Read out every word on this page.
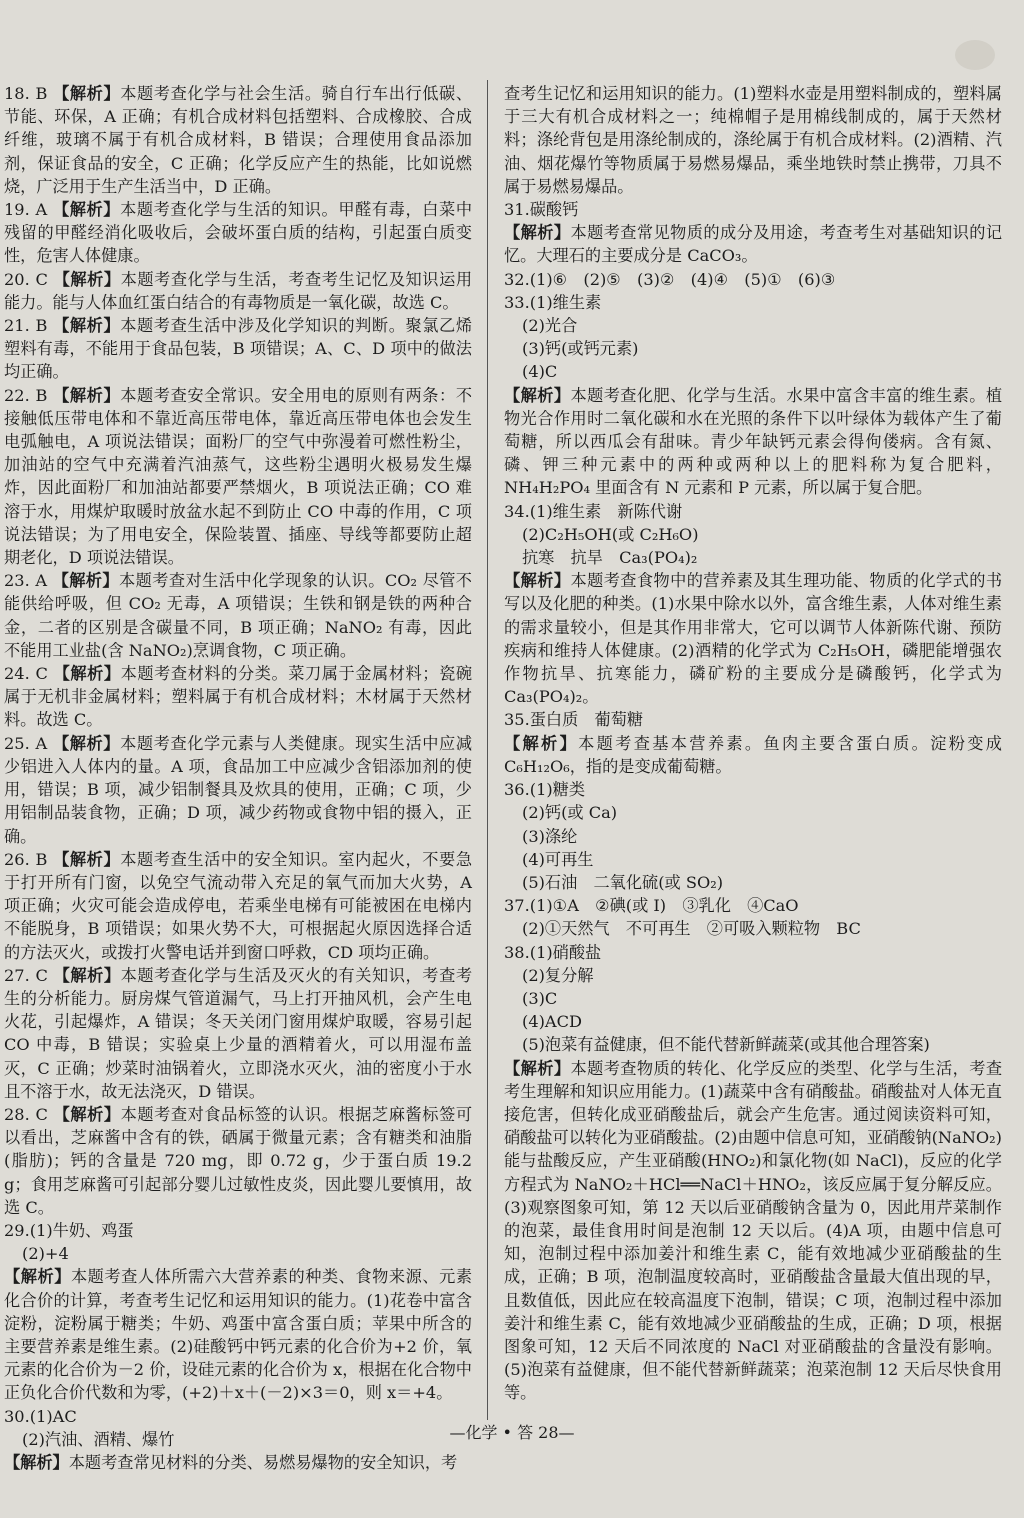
18. B 【解析】本题考查化学与社会生活。骑自行车出行低碳、节能、环保，A 正确；有机合成材料包括塑料、合成橡胶、合成纤维，玻璃不属于有机合成材料，B 错误；合理使用食品添加剂，保证食品的安全，C 正确；化学反应产生的热能，比如说燃烧，广泛用于生产生活当中，D 正确。
19. A 【解析】本题考查化学与生活的知识。甲醛有毒，白菜中残留的甲醛经消化吸收后，会破坏蛋白质的结构，引起蛋白质变性，危害人体健康。
20. C 【解析】本题考查化学与生活，考查考生记忆及知识运用能力。能与人体血红蛋白结合的有毒物质是一氧化碳，故选 C。
21. B 【解析】本题考查生活中涉及化学知识的判断。聚氯乙烯塑料有毒，不能用于食品包装，B 项错误；A、C、D 项中的做法均正确。
22. B 【解析】本题考查安全常识。安全用电的原则有两条：不接触低压带电体和不靠近高压带电体，靠近高压带电体也会发生电弧触电，A 项说法错误；面粉厂的空气中弥漫着可燃性粉尘，加油站的空气中充满着汽油蒸气，这些粉尘遇明火极易发生爆炸，因此面粉厂和加油站都要严禁烟火，B 项说法正确；CO 难溶于水，用煤炉取暖时放盆水起不到防止 CO 中毒的作用，C 项说法错误；为了用电安全，保险装置、插座、导线等都要防止超期老化，D 项说法错误。
23. A 【解析】本题考查对生活中化学现象的认识。CO₂ 尽管不能供给呼吸，但 CO₂ 无毒，A 项错误；生铁和钢是铁的两种合金，二者的区别是含碳量不同，B 项正确；NaNO₂ 有毒，因此不能用工业盐(含 NaNO₂)烹调食物，C 项正确。
24. C 【解析】本题考查材料的分类。菜刀属于金属材料；瓷碗属于无机非金属材料；塑料属于有机合成材料；木材属于天然材料。故选 C。
25. A 【解析】本题考查化学元素与人类健康。现实生活中应减少铝进入人体内的量。A 项，食品加工中应减少含铝添加剂的使用，错误；B 项，减少铝制餐具及炊具的使用，正确；C 项，少用铝制品装食物，正确；D 项，减少药物或食物中铝的摄入，正确。
26. B 【解析】本题考查生活中的安全知识。室内起火，不要急于打开所有门窗，以免空气流动带入充足的氧气而加大火势，A 项正确；火灾可能会造成停电，若乘坐电梯有可能被困在电梯内不能脱身，B 项错误；如果火势不大，可根据起火原因选择合适的方法灭火，或拨打火警电话并到窗口呼救，CD 项均正确。
27. C 【解析】本题考查化学与生活及灭火的有关知识，考查考生的分析能力。厨房煤气管道漏气，马上打开抽风机，会产生电火花，引起爆炸，A 错误；冬天关闭门窗用煤炉取暖，容易引起 CO 中毒，B 错误；实验桌上少量的酒精着火，可以用湿布盖灭，C 正确；炒菜时油锅着火，立即浇水灭火，油的密度小于水且不溶于水，故无法浇灭，D 错误。
28. C 【解析】本题考查对食品标签的认识。根据芝麻酱标签可以看出，芝麻酱中含有的铁，硒属于微量元素；含有糖类和油脂(脂肪)；钙的含量是 720 mg，即 0.72 g，少于蛋白质 19.2 g；食用芝麻酱可引起部分婴儿过敏性皮炎，因此婴儿要慎用，故选 C。
29.(1)牛奶、鸡蛋
(2)+4
【解析】本题考查人体所需六大营养素的种类、食物来源、元素化合价的计算，考查考生记忆和运用知识的能力。(1)花卷中富含淀粉，淀粉属于糖类；牛奶、鸡蛋中富含蛋白质；苹果中所含的主要营养素是维生素。(2)硅酸钙中钙元素的化合价为+2 价，氧元素的化合价为－2 价，设硅元素的化合价为 x，根据在化合物中正负化合价代数和为零，(+2)＋x＋(－2)×3＝0，则 x＝+4。
30.(1)AC
(2)汽油、酒精、爆竹
【解析】本题考查常见材料的分类、易燃易爆物的安全知识，考
查考生记忆和运用知识的能力。(1)塑料水壶是用塑料制成的，塑料属于三大有机合成材料之一；纯棉帽子是用棉线制成的，属于天然材料；涤纶背包是用涤纶制成的，涤纶属于有机合成材料。(2)酒精、汽油、烟花爆竹等物质属于易燃易爆品，乘坐地铁时禁止携带，刀具不属于易燃易爆品。
31.碳酸钙
【解析】本题考查常见物质的成分及用途，考查考生对基础知识的记忆。大理石的主要成分是 CaCO₃。
32.(1)⑥　(2)⑤　(3)②　(4)④　(5)①　(6)③
33.(1)维生素
(2)光合
(3)钙(或钙元素)
(4)C
【解析】本题考查化肥、化学与生活。水果中富含丰富的维生素。植物光合作用时二氧化碳和水在光照的条件下以叶绿体为载体产生了葡萄糖，所以西瓜会有甜味。青少年缺钙元素会得佝偻病。含有氮、磷、钾三种元素中的两种或两种以上的肥料称为复合肥料，NH₄H₂PO₄ 里面含有 N 元素和 P 元素，所以属于复合肥。
34.(1)维生素　新陈代谢
(2)C₂H₅OH(或 C₂H₆O)
抗寒　抗旱　Ca₃(PO₄)₂
【解析】本题考查食物中的营养素及其生理功能、物质的化学式的书写以及化肥的种类。(1)水果中除水以外，富含维生素，人体对维生素的需求量较小，但是其作用非常大，它可以调节人体新陈代谢、预防疾病和维持人体健康。(2)酒精的化学式为 C₂H₅OH，磷肥能增强农作物抗旱、抗寒能力，磷矿粉的主要成分是磷酸钙，化学式为 Ca₃(PO₄)₂。
35.蛋白质　葡萄糖
【解析】本题考查基本营养素。鱼肉主要含蛋白质。淀粉变成 C₆H₁₂O₆，指的是变成葡萄糖。
36.(1)糖类
(2)钙(或 Ca)
(3)涤纶
(4)可再生
(5)石油　二氧化硫(或 SO₂)
37.(1)①A　②碘(或 I)　③乳化　④CaO
(2)①天然气　不可再生　②可吸入颗粒物　BC
38.(1)硝酸盐
(2)复分解
(3)C
(4)ACD
(5)泡菜有益健康，但不能代替新鲜蔬菜(或其他合理答案)
【解析】本题考查物质的转化、化学反应的类型、化学与生活，考查考生理解和知识应用能力。(1)蔬菜中含有硝酸盐。硝酸盐对人体无直接危害，但转化成亚硝酸盐后，就会产生危害。通过阅读资料可知，硝酸盐可以转化为亚硝酸盐。(2)由题中信息可知，亚硝酸钠(NaNO₂)能与盐酸反应，产生亚硝酸(HNO₂)和氯化物(如 NaCl)，反应的化学方程式为 NaNO₂＋HCl══NaCl＋HNO₂，该反应属于复分解反应。(3)观察图象可知，第 12 天以后亚硝酸钠含量为 0，因此用芹菜制作的泡菜，最佳食用时间是泡制 12 天以后。(4)A 项，由题中信息可知，泡制过程中添加姜汁和维生素 C，能有效地减少亚硝酸盐的生成，正确；B 项，泡制温度较高时，亚硝酸盐含量最大值出现的早，且数值低，因此应在较高温度下泡制，错误；C 项，泡制过程中添加姜汁和维生素 C，能有效地减少亚硝酸盐的生成，正确；D 项，根据图象可知，12 天后不同浓度的 NaCl 对亚硝酸盐的含量没有影响。(5)泡菜有益健康，但不能代替新鲜蔬菜；泡菜泡制 12 天后尽快食用等。
—化学 • 答 28—
